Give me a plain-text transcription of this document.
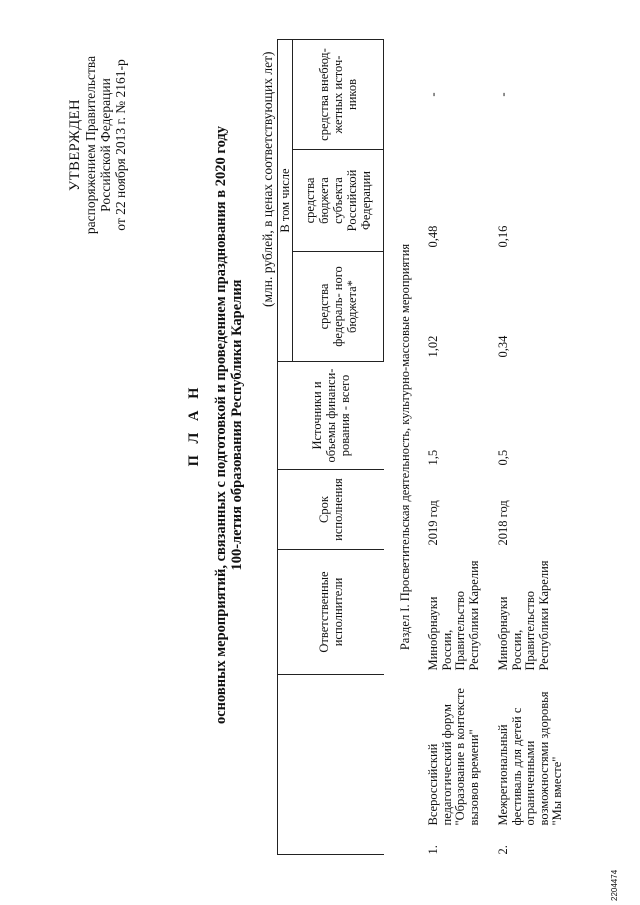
УТВЕРЖДЕН распоряжением Правительства Российской Федерации от 22 ноября 2013 г. № 2161-р
П Л А Н основных мероприятий, связанных с подготовкой и проведением празднования в 2020 году 100-летия образования Республики Карелия
(млн. рублей, в ценах соответствующих лет)
		Ответственные исполнители	Срок исполнения	Источники и объемы финанси- рования - всего	В том числе		
					средства федераль- ного бюджета*	средства бюджета субъекта Российской Федерации	средства внебюд- жетных источ- ников
Раздел I. Просветительская деятельность, культурно-массовые мероприятия							
1.	Всероссийский педагогический форум "Образование в контексте вызовов времени"	Минобрнауки России, Правительство Республики Карелия	2019 год	1,5	1,02	0,48	-
2.	Межрегиональный фестиваль для детей с ограниченными возможностями здоровья "Мы вместе"	Минобрнауки России, Правительство Республики Карелия	2018 год	0,5	0,34	0,16	-
2204474
